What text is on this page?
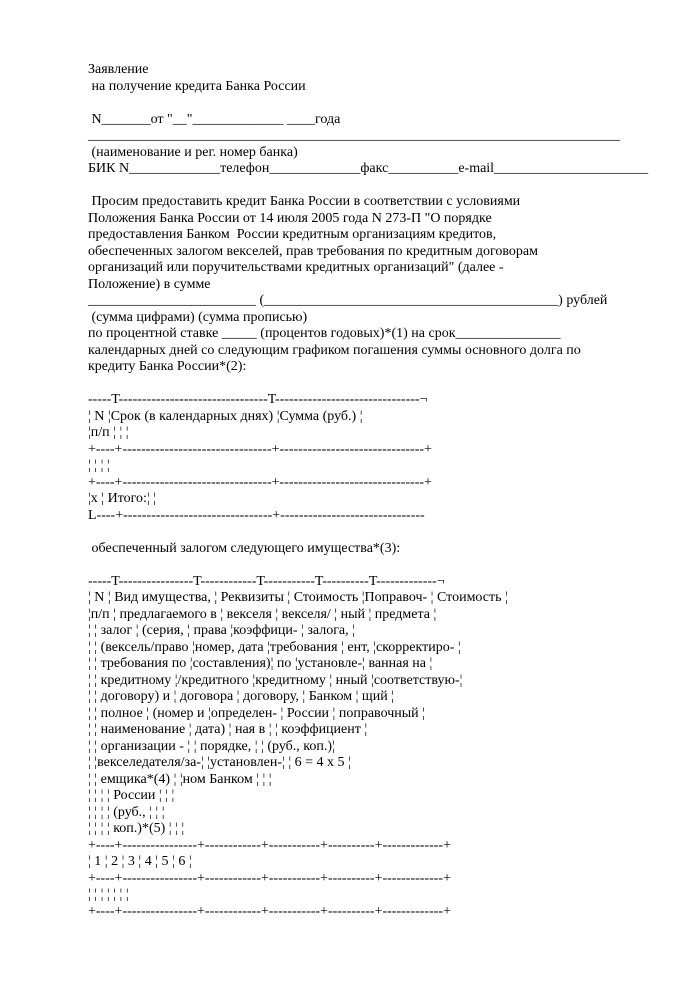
Заявление
на получение кредита Банка России
N_______от "__"_____________ ____года
____________________________________________________________________________
(наименование и рег. номер банка)
БИК N_____________телефон_____________факс__________e-mail______________________
Просим предоставить кредит Банка России в соответствии с условиями
Положения Банка России от 14 июля 2005 года N 273-П "О порядке
предоставления Банком  России кредитным организациям кредитов,
обеспеченных залогом векселей, прав требования по кредитным договорам
организаций или поручительствами кредитных организаций" (далее -
Положение) в сумме
________________________ (__________________________________________) рублей
(сумма цифрами) (сумма прописью)
по процентной ставке _____ (процентов годовых)*(1) на срок_______________
календарных дней со следующим графиком погашения суммы основного долга по
кредиту Банка России*(2):
-----T--------------------------------T-------------------------------¬
¦ N ¦Срок (в календарных днях) ¦Сумма (руб.) ¦
¦п/п ¦ ¦ ¦
+----+--------------------------------+-------------------------------+
¦ ¦ ¦ ¦
+----+--------------------------------+-------------------------------+
¦х ¦ Итого:¦ ¦
L----+--------------------------------+-------------------------------
обеспеченный залогом следующего имущества*(3):
-----T----------------T------------T-----------T----------T-------------¬
¦ N ¦ Вид имущества, ¦ Реквизиты ¦ Стоимость ¦Поправоч- ¦ Стоимость ¦
¦п/п ¦ предлагаемого в ¦ векселя ¦ векселя/ ¦ ный ¦ предмета ¦
¦ ¦ залог ¦ (серия, ¦ права ¦коэффици- ¦ залога, ¦
¦ ¦ (вексель/право ¦номер, дата ¦требования ¦ ент, ¦скорректиро- ¦
¦ ¦ требования по ¦составления)¦ по ¦установле-¦ ванная на ¦
¦ ¦ кредитному ¦/кредитного ¦кредитному ¦ нный ¦соответствую-¦
¦ ¦ договору) и ¦ договора ¦ договору, ¦ Банком ¦ щий ¦
¦ ¦ полное ¦ (номер и ¦определен- ¦ России ¦ поправочный ¦
¦ ¦ наименование ¦ дата) ¦ ная в ¦ ¦ коэффициент ¦
¦ ¦ организации - ¦ ¦ порядке, ¦ ¦ (руб., коп.)¦
¦ ¦векселедателя/за-¦ ¦установлен-¦ ¦ 6 = 4 х 5 ¦
¦ ¦ емщика*(4) ¦ ¦ном Банком ¦ ¦ ¦
¦ ¦ ¦ ¦ России ¦ ¦ ¦
¦ ¦ ¦ ¦ (руб., ¦ ¦ ¦
¦ ¦ ¦ ¦ коп.)*(5) ¦ ¦ ¦
+----+----------------+------------+-----------+----------+-------------+
¦ 1 ¦ 2 ¦ 3 ¦ 4 ¦ 5 ¦ 6 ¦
+----+----------------+------------+-----------+----------+-------------+
¦ ¦ ¦ ¦ ¦ ¦ ¦
+----+----------------+------------+-----------+----------+-------------+
